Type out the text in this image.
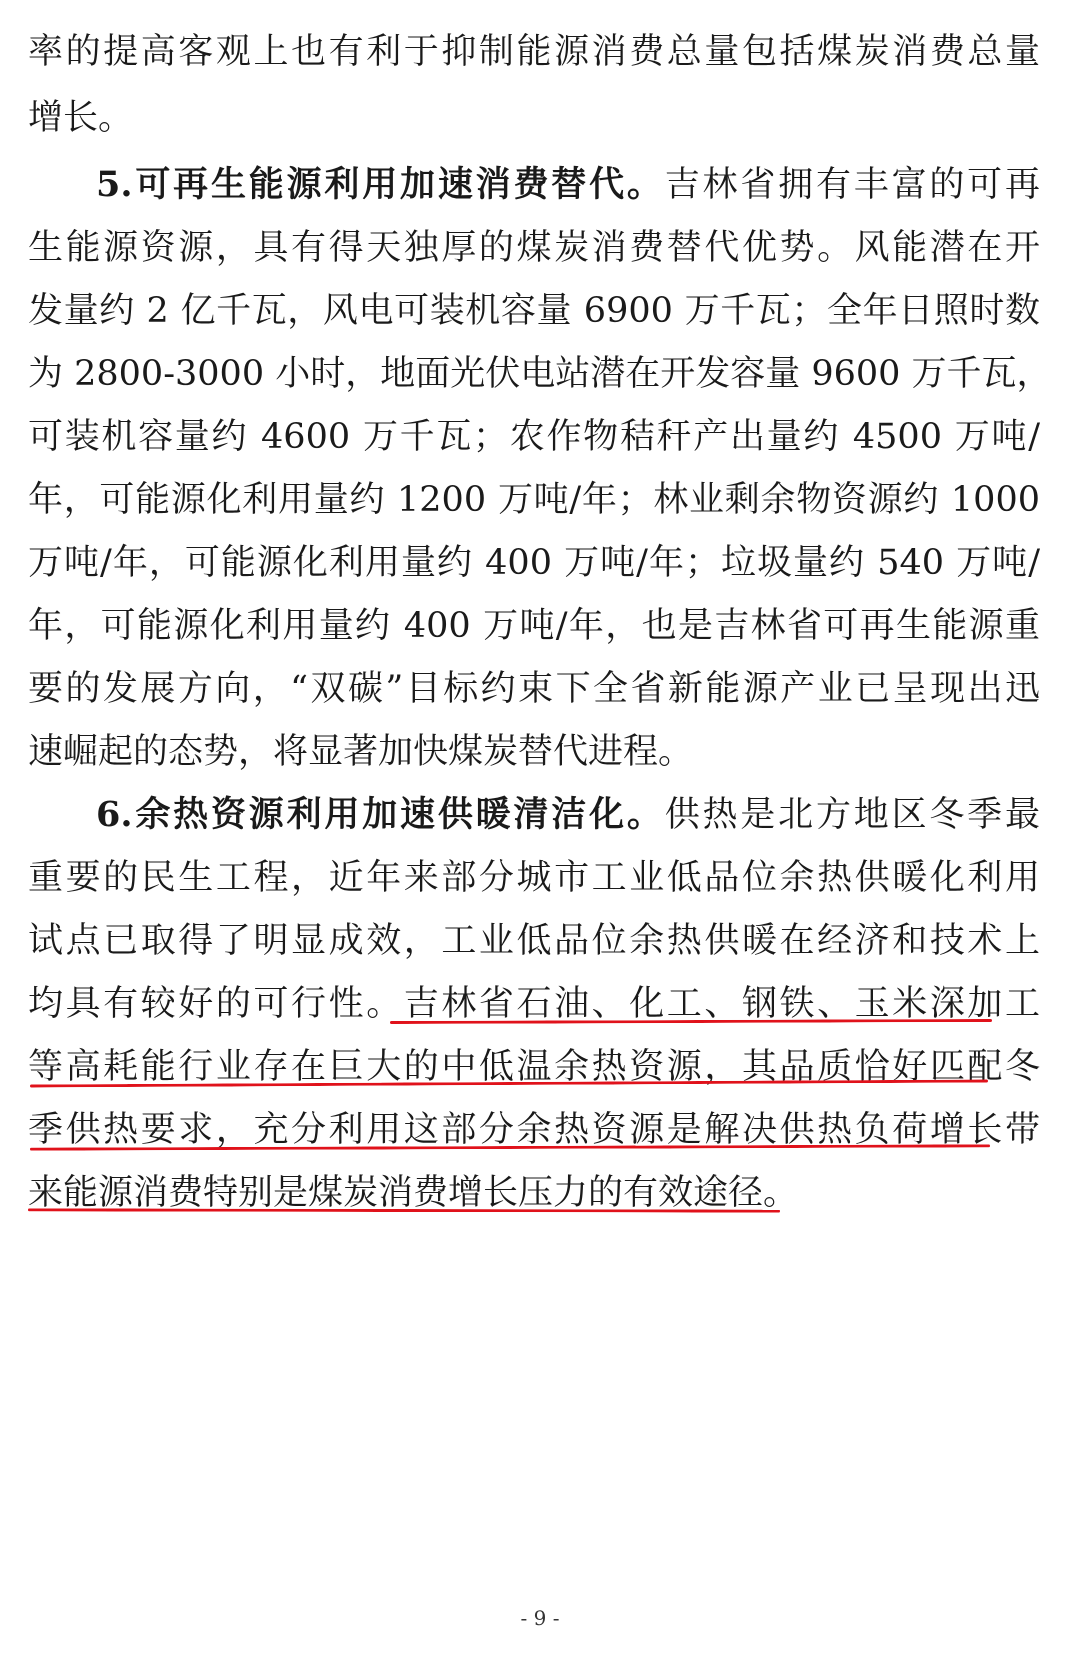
率的提高客观上也有利于抑制能源消费总量包括煤炭消费总量
增长。
5.可再生能源利用加速消费替代。吉林省拥有丰富的可再
生能源资源，具有得天独厚的煤炭消费替代优势。风能潜在开
发量约 2 亿千瓦，风电可装机容量 6900 万千瓦；全年日照时数
为 2800-3000 小时，地面光伏电站潜在开发容量 9600 万千瓦，
可装机容量约 4600 万千瓦；农作物秸秆产出量约 4500 万吨/
年，可能源化利用量约 1200 万吨/年；林业剩余物资源约 1000
万吨/年，可能源化利用量约 400 万吨/年；垃圾量约 540 万吨/
年，可能源化利用量约 400 万吨/年，也是吉林省可再生能源重
要的发展方向，“双碳”目标约束下全省新能源产业已呈现出迅
速崛起的态势，将显著加快煤炭替代进程。
6.余热资源利用加速供暖清洁化。供热是北方地区冬季最
重要的民生工程，近年来部分城市工业低品位余热供暖化利用
试点已取得了明显成效，工业低品位余热供暖在经济和技术上
均具有较好的可行性。吉林省石油、化工、钢铁、玉米深加工
等高耗能行业存在巨大的中低温余热资源，其品质恰好匹配冬
季供热要求，充分利用这部分余热资源是解决供热负荷增长带
来能源消费特别是煤炭消费增长压力的有效途径。
- 9 -
